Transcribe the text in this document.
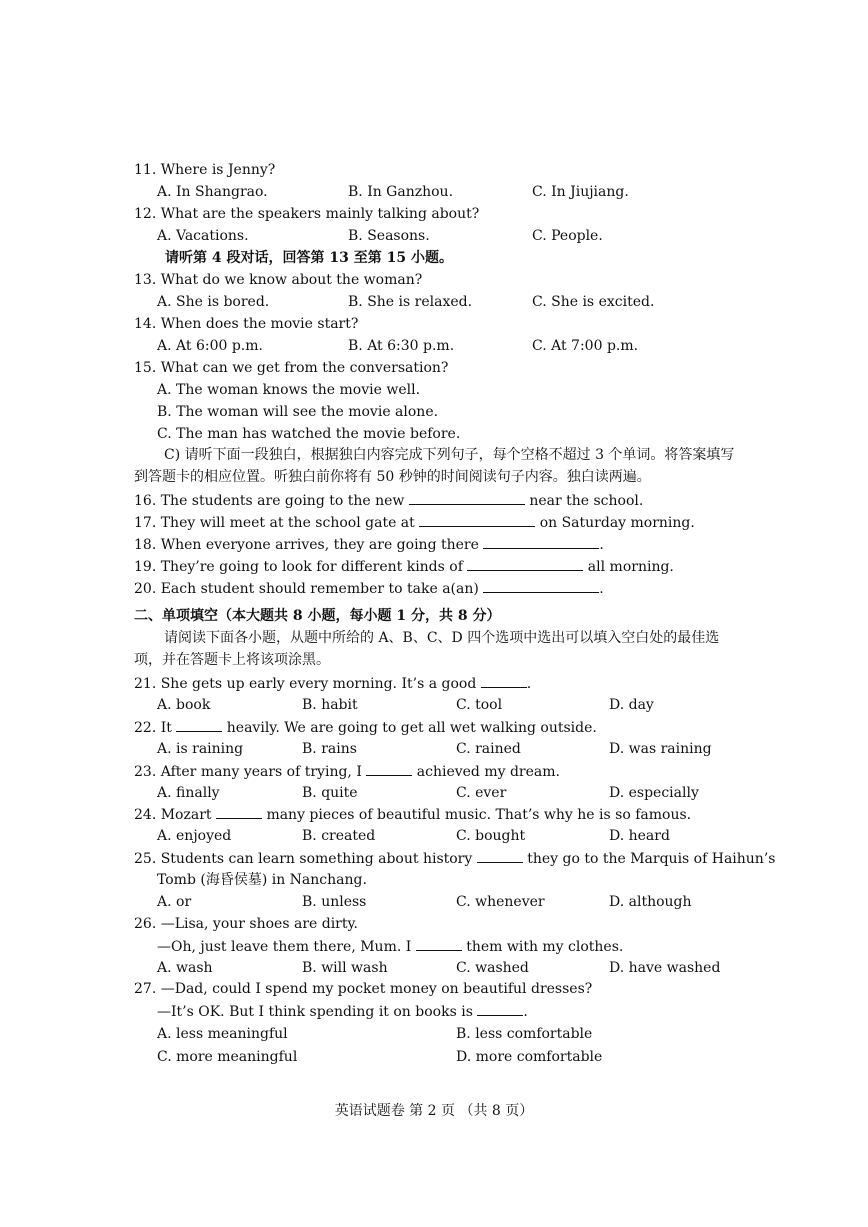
11. Where is Jenny?
A. In Shangrao.	B. In Ganzhou.	C. In Jiujiang.
12. What are the speakers mainly talking about?
A. Vacations.	B. Seasons.	C. People.
请听第 4 段对话，回答第 13 至第 15 小题。
13. What do we know about the woman?
A. She is bored.	B. She is relaxed.	C. She is excited.
14. When does the movie start?
A. At 6:00 p.m.	B. At 6:30 p.m.	C. At 7:00 p.m.
15. What can we get from the conversation?
A. The woman knows the movie well.
B. The woman will see the movie alone.
C. The man has watched the movie before.
C) 请听下面一段独白，根据独白内容完成下列句子，每个空格不超过 3 个单词。将答案填写到答题卡的相应位置。听独白前你将有 50 秒钟的时间阅读句子内容。独白读两遍。
16. The students are going to the new	near the school.
17. They will meet at the school gate at	on Saturday morning.
18. When everyone arrives, they are going there	.
19. They’re going to look for different kinds of	all morning.
20. Each student should remember to take a(an)	.
二、单项填空（本大题共 8 小题，每小题 1 分，共 8 分）
请阅读下面各小题，从题中所给的 A、B、C、D 四个选项中选出可以填入空白处的最佳选项，并在答题卡上将该项涂黑。
21. She gets up early every morning. It’s a good	.
A. book	B. habit	C. tool	D. day
22. It	heavily. We are going to get all wet walking outside.
A. is raining	B. rains	C. rained	D. was raining
23. After many years of trying, I	achieved my dream.
A. finally	B. quite	C. ever	D. especially
24. Mozart	many pieces of beautiful music. That’s why he is so famous.
A. enjoyed	B. created	C. bought	D. heard
25. Students can learn something about history	they go to the Marquis of Haihun’s
Tomb (海昏侯墓) in Nanchang.
A. or	B. unless	C. whenever	D. although
26. —Lisa, your shoes are dirty.
—Oh, just leave them there, Mum. I	them with my clothes.
A. wash	B. will wash	C. washed	D. have washed
27. —Dad, could I spend my pocket money on beautiful dresses?
—It’s OK. But I think spending it on books is	.
A. less meaningful	B. less comfortable
C. more meaningful	D. more comfortable
英语试题卷 第 2 页 （共 8 页）
